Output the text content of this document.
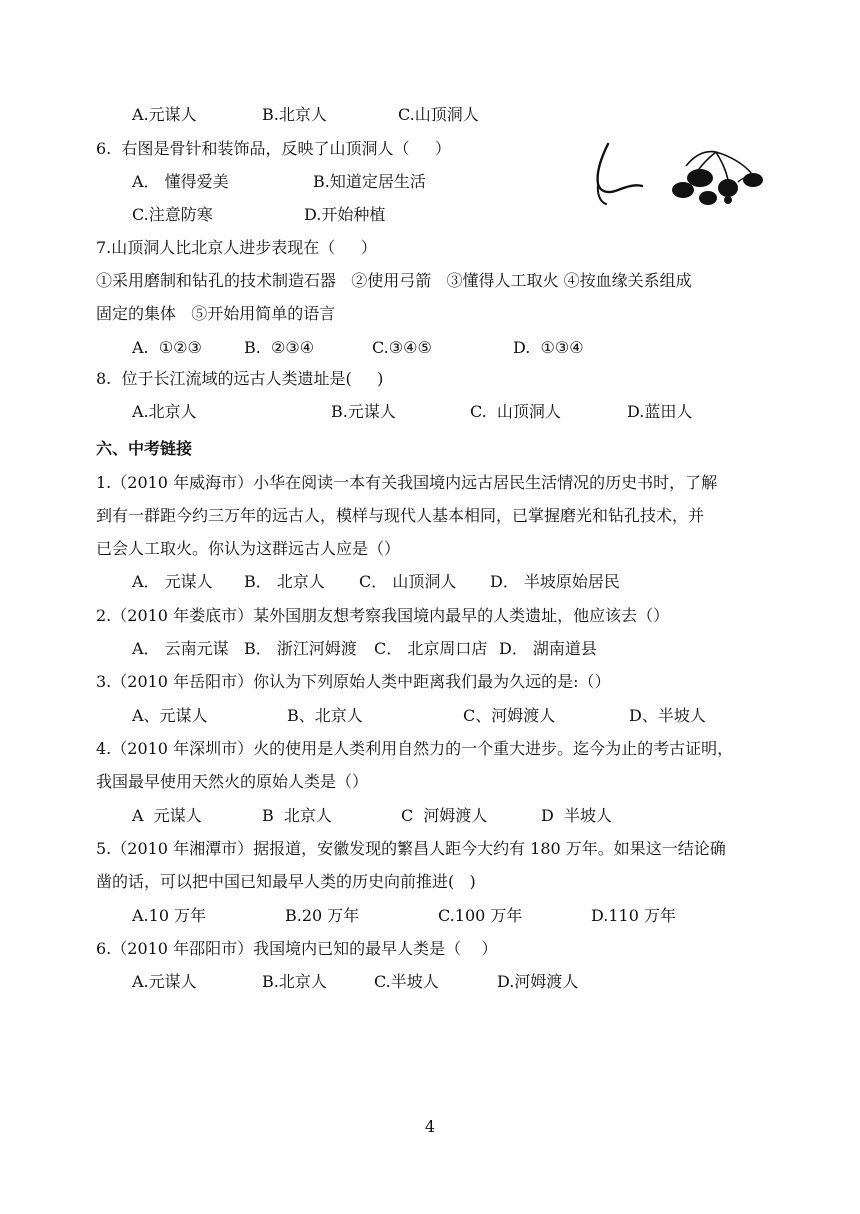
A.元谋人	B.北京人	C.山顶洞人
6.  右图是骨针和装饰品，反映了山顶洞人（     ）
A． 懂得爱美	B.知道定居生活
C.注意防寒	D.开始种植
7.山顶洞人比北京人进步表现在（     ）
①采用磨制和钻孔的技术制造石器   ②使用弓箭   ③懂得人工取火 ④按血缘关系组成
固定的集体   ⑤开始用简单的语言
A.  ①②③	B.  ②③④	C.③④⑤	D.  ①③④
8.  位于长江流域的远古人类遗址是(     )
A.北京人	B.元谋人	C.  山顶洞人	D.蓝田人
六、中考链接
1.（2010 年威海市）小华在阅读一本有关我国境内远古居民生活情况的历史书时，了解
到有一群距今约三万年的远古人，模样与现代人基本相同，已掌握磨光和钻孔技术，并
已会人工取火。你认为这群远古人应是（）
A． 元谋人 B． 北京人 C． 山顶洞人 D． 半坡原始居民
2.（2010 年娄底市）某外国朋友想考察我国境内最早的人类遗址，他应该去（）
A． 云南元谋 B． 浙江河姆渡 C． 北京周口店 D． 湖南道县
3.（2010 年岳阳市）你认为下列原始人类中距离我们最为久远的是:（）
A、元谋人	B、北京人	C、河姆渡人	D、半坡人
4.（2010 年深圳市）火的使用是人类利用自然力的一个重大进步。迄今为止的考古证明，
我国最早使用天然火的原始人类是（）
A  元谋人	B  北京人	C  河姆渡人	D  半坡人
5.（2010 年湘潭市）据报道，安徽发现的繁昌人距今大约有 180 万年。如果这一结论确
凿的话，可以把中国已知最早人类的历史向前推进(   )
A.10 万年	B.20 万年	C.100 万年	D.110 万年
6.（2010 年邵阳市）我国境内已知的最早人类是（    ）
A.元谋人	B.北京人	C.半坡人	D.河姆渡人
4
